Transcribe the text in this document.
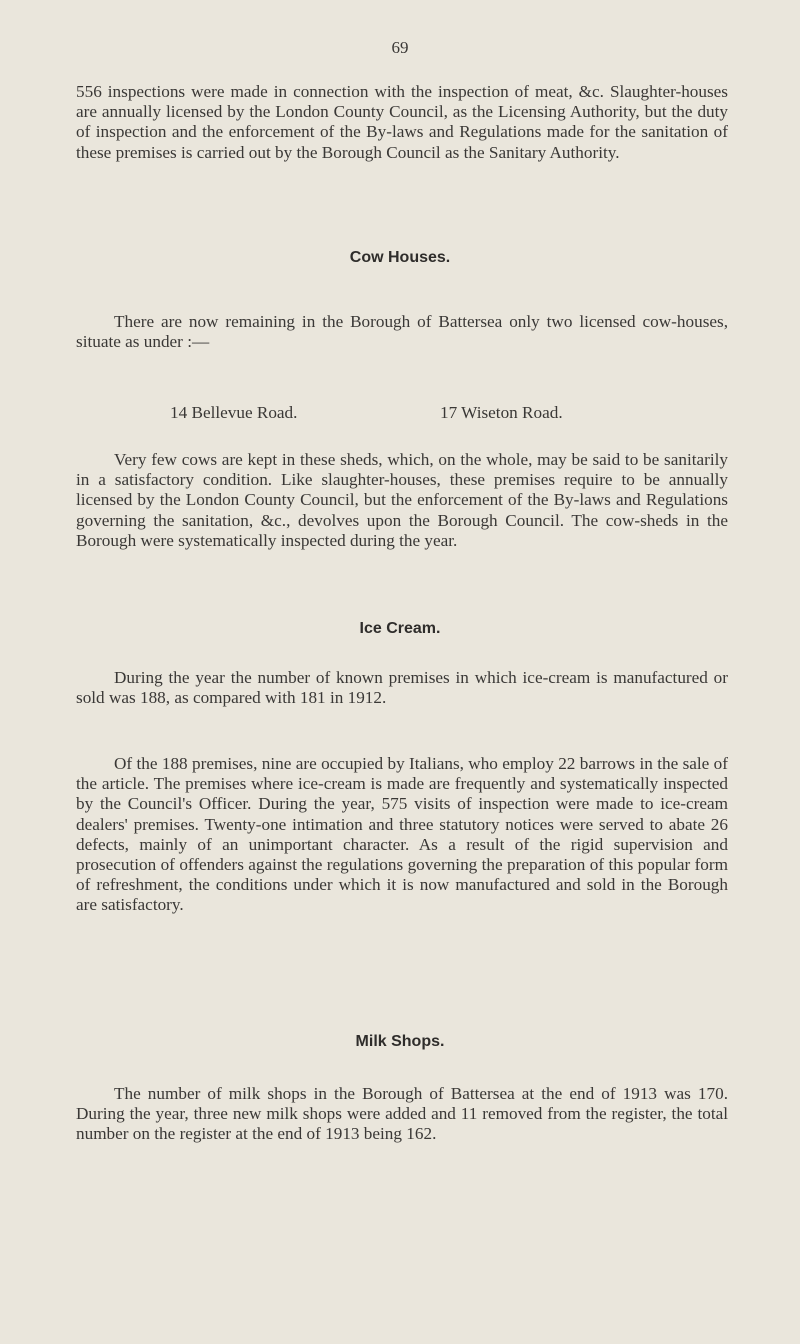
69

556 inspections were made in connection with the inspection of meat, &c. Slaughter-houses are annually licensed by the London County Council, as the Licensing Authority, but the duty of inspection and the enforcement of the By-laws and Regulations made for the sanitation of these premises is carried out by the Borough Council as the Sanitary Authority.

Cow Houses.

There are now remaining in the Borough of Battersea only two licensed cow-houses, situate as under :—

14 Bellevue Road.	17 Wiseton Road.

Very few cows are kept in these sheds, which, on the whole, may be said to be sanitarily in a satisfactory condition. Like slaughter-houses, these premises require to be annually licensed by the London County Council, but the enforcement of the By-laws and Regulations governing the sanitation, &c., devolves upon the Borough Council. The cow-sheds in the Borough were systematically inspected during the year.

Ice Cream.

During the year the number of known premises in which ice-cream is manufactured or sold was 188, as compared with 181 in 1912.

Of the 188 premises, nine are occupied by Italians, who employ 22 barrows in the sale of the article. The premises where ice-cream is made are frequently and systematically inspected by the Council's Officer. During the year, 575 visits of inspection were made to ice-cream dealers' premises. Twenty-one intimation and three statutory notices were served to abate 26 defects, mainly of an unimportant character. As a result of the rigid supervision and prosecution of offenders against the regulations governing the preparation of this popular form of refreshment, the conditions under which it is now manufactured and sold in the Borough are satisfactory.

Milk Shops.

The number of milk shops in the Borough of Battersea at the end of 1913 was 170. During the year, three new milk shops were added and 11 removed from the register, the total number on the register at the end of 1913 being 162.
